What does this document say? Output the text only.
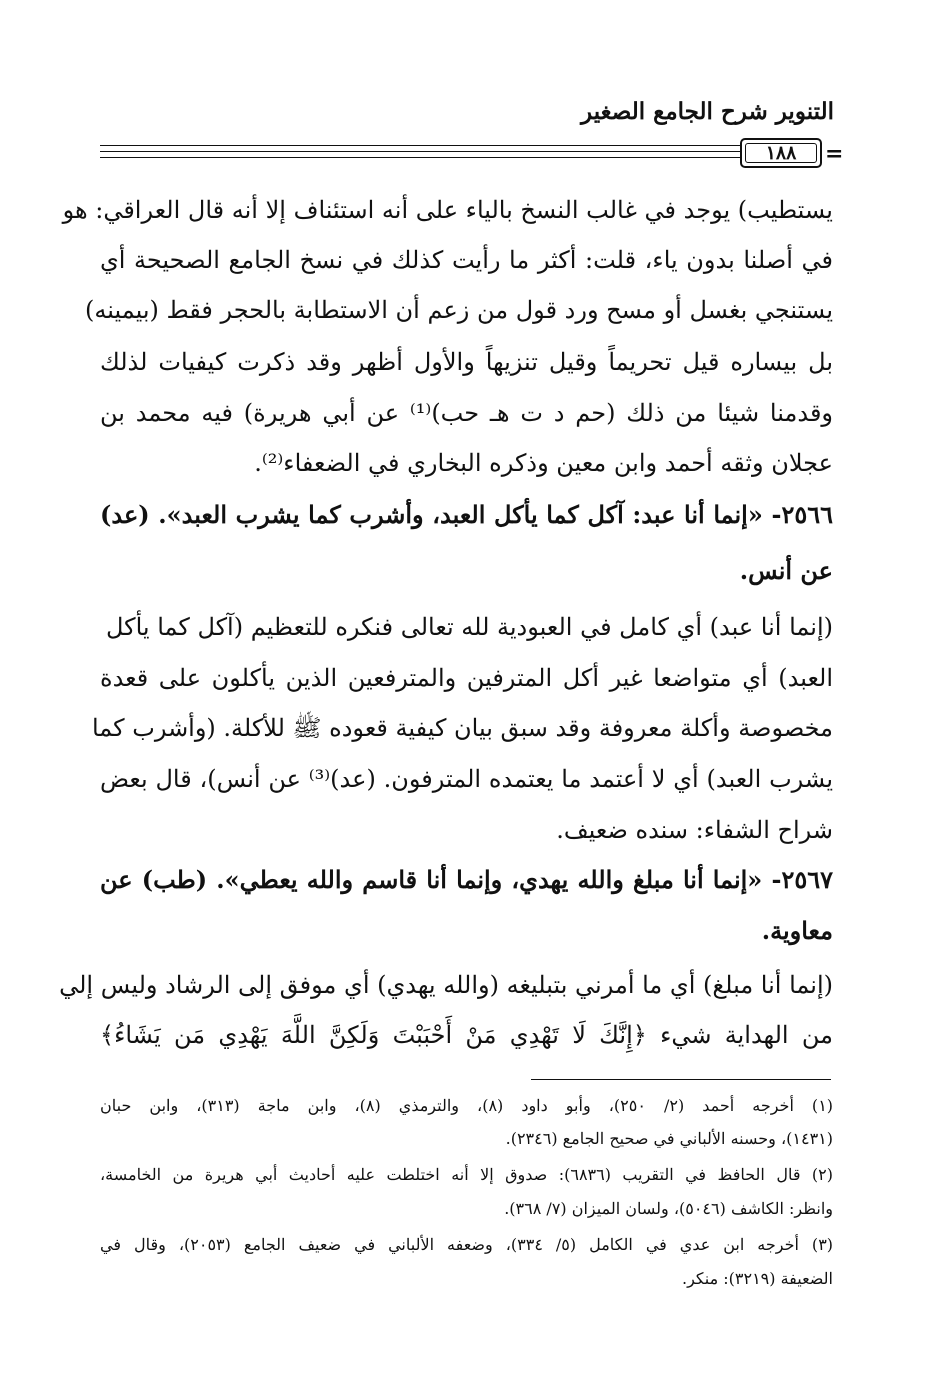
التنوير شرح الجامع الصغير
١٨٨ =
يستطيب) يوجد في غالب النسخ بالياء على أنه استئناف إلا أنه قال العراقي: هو
في أصلنا بدون ياء، قلت: أكثر ما رأيت كذلك في نسخ الجامع الصحيحة أي
يستنجي بغسل أو مسح ورد قول من زعم أن الاستطابة بالحجر فقط (بيمينه)
بل بيساره قيل تحريماً وقيل تنزيهاً والأول أظهر وقد ذكرت كيفيات لذلك
وقدمنا شيئا من ذلك (حم د ت هـ حب)⁽¹⁾ عن أبي هريرة) فيه محمد بن
عجلان وثقه أحمد وابن معين وذكره البخاري في الضعفاء⁽²⁾.
٢٥٦٦- «إنما أنا عبد: آكل كما يأكل العبد، وأشرب كما يشرب العبد». (عد)
عن أنس.
(إنما أنا عبد) أي كامل في العبودية لله تعالى فنكره للتعظيم (آكل كما يأكل
العبد) أي متواضعا غير أكل المترفين والمترفعين الذين يأكلون على قعدة
مخصوصة وأكلة معروفة وقد سبق بيان كيفية قعوده ﷺ للأكلة. (وأشرب كما
يشرب العبد) أي لا أعتمد ما يعتمده المترفون. (عد)⁽³⁾ عن أنس)، قال بعض
شراح الشفاء: سنده ضعيف.
٢٥٦٧- «إنما أنا مبلغ والله يهدي، وإنما أنا قاسم والله يعطي». (طب) عن
معاوية.
(إنما أنا مبلغ) أي ما أمرني بتبليغه (والله يهدي) أي موفق إلى الرشاد وليس إلي
من الهداية شيء ﴿إِنَّكَ لَا تَهْدِي مَنْ أَحْبَبْتَ وَلَكِنَّ اللَّهَ يَهْدِي مَن يَشَاءُ﴾
(١) أخرجه أحمد (٢/ ٢٥٠)، وأبو داود (٨)، والترمذي (٨)، وابن ماجة (٣١٣)، وابن حبان
(١٤٣١)، وحسنه الألباني في صحيح الجامع (٢٣٤٦).
(٢) قال الحافظ في التقريب (٦٨٣٦): صدوق إلا أنه اختلطت عليه أحاديث أبي هريرة من الخامسة،
وانظر: الكاشف (٥٠٤٦)، ولسان الميزان (٧/ ٣٦٨).
(٣) أخرجه ابن عدي في الكامل (٥/ ٣٣٤)، وضعفه الألباني في ضعيف الجامع (٢٠٥٣)، وقال في
الضعيفة (٣٢١٩): منكر.
